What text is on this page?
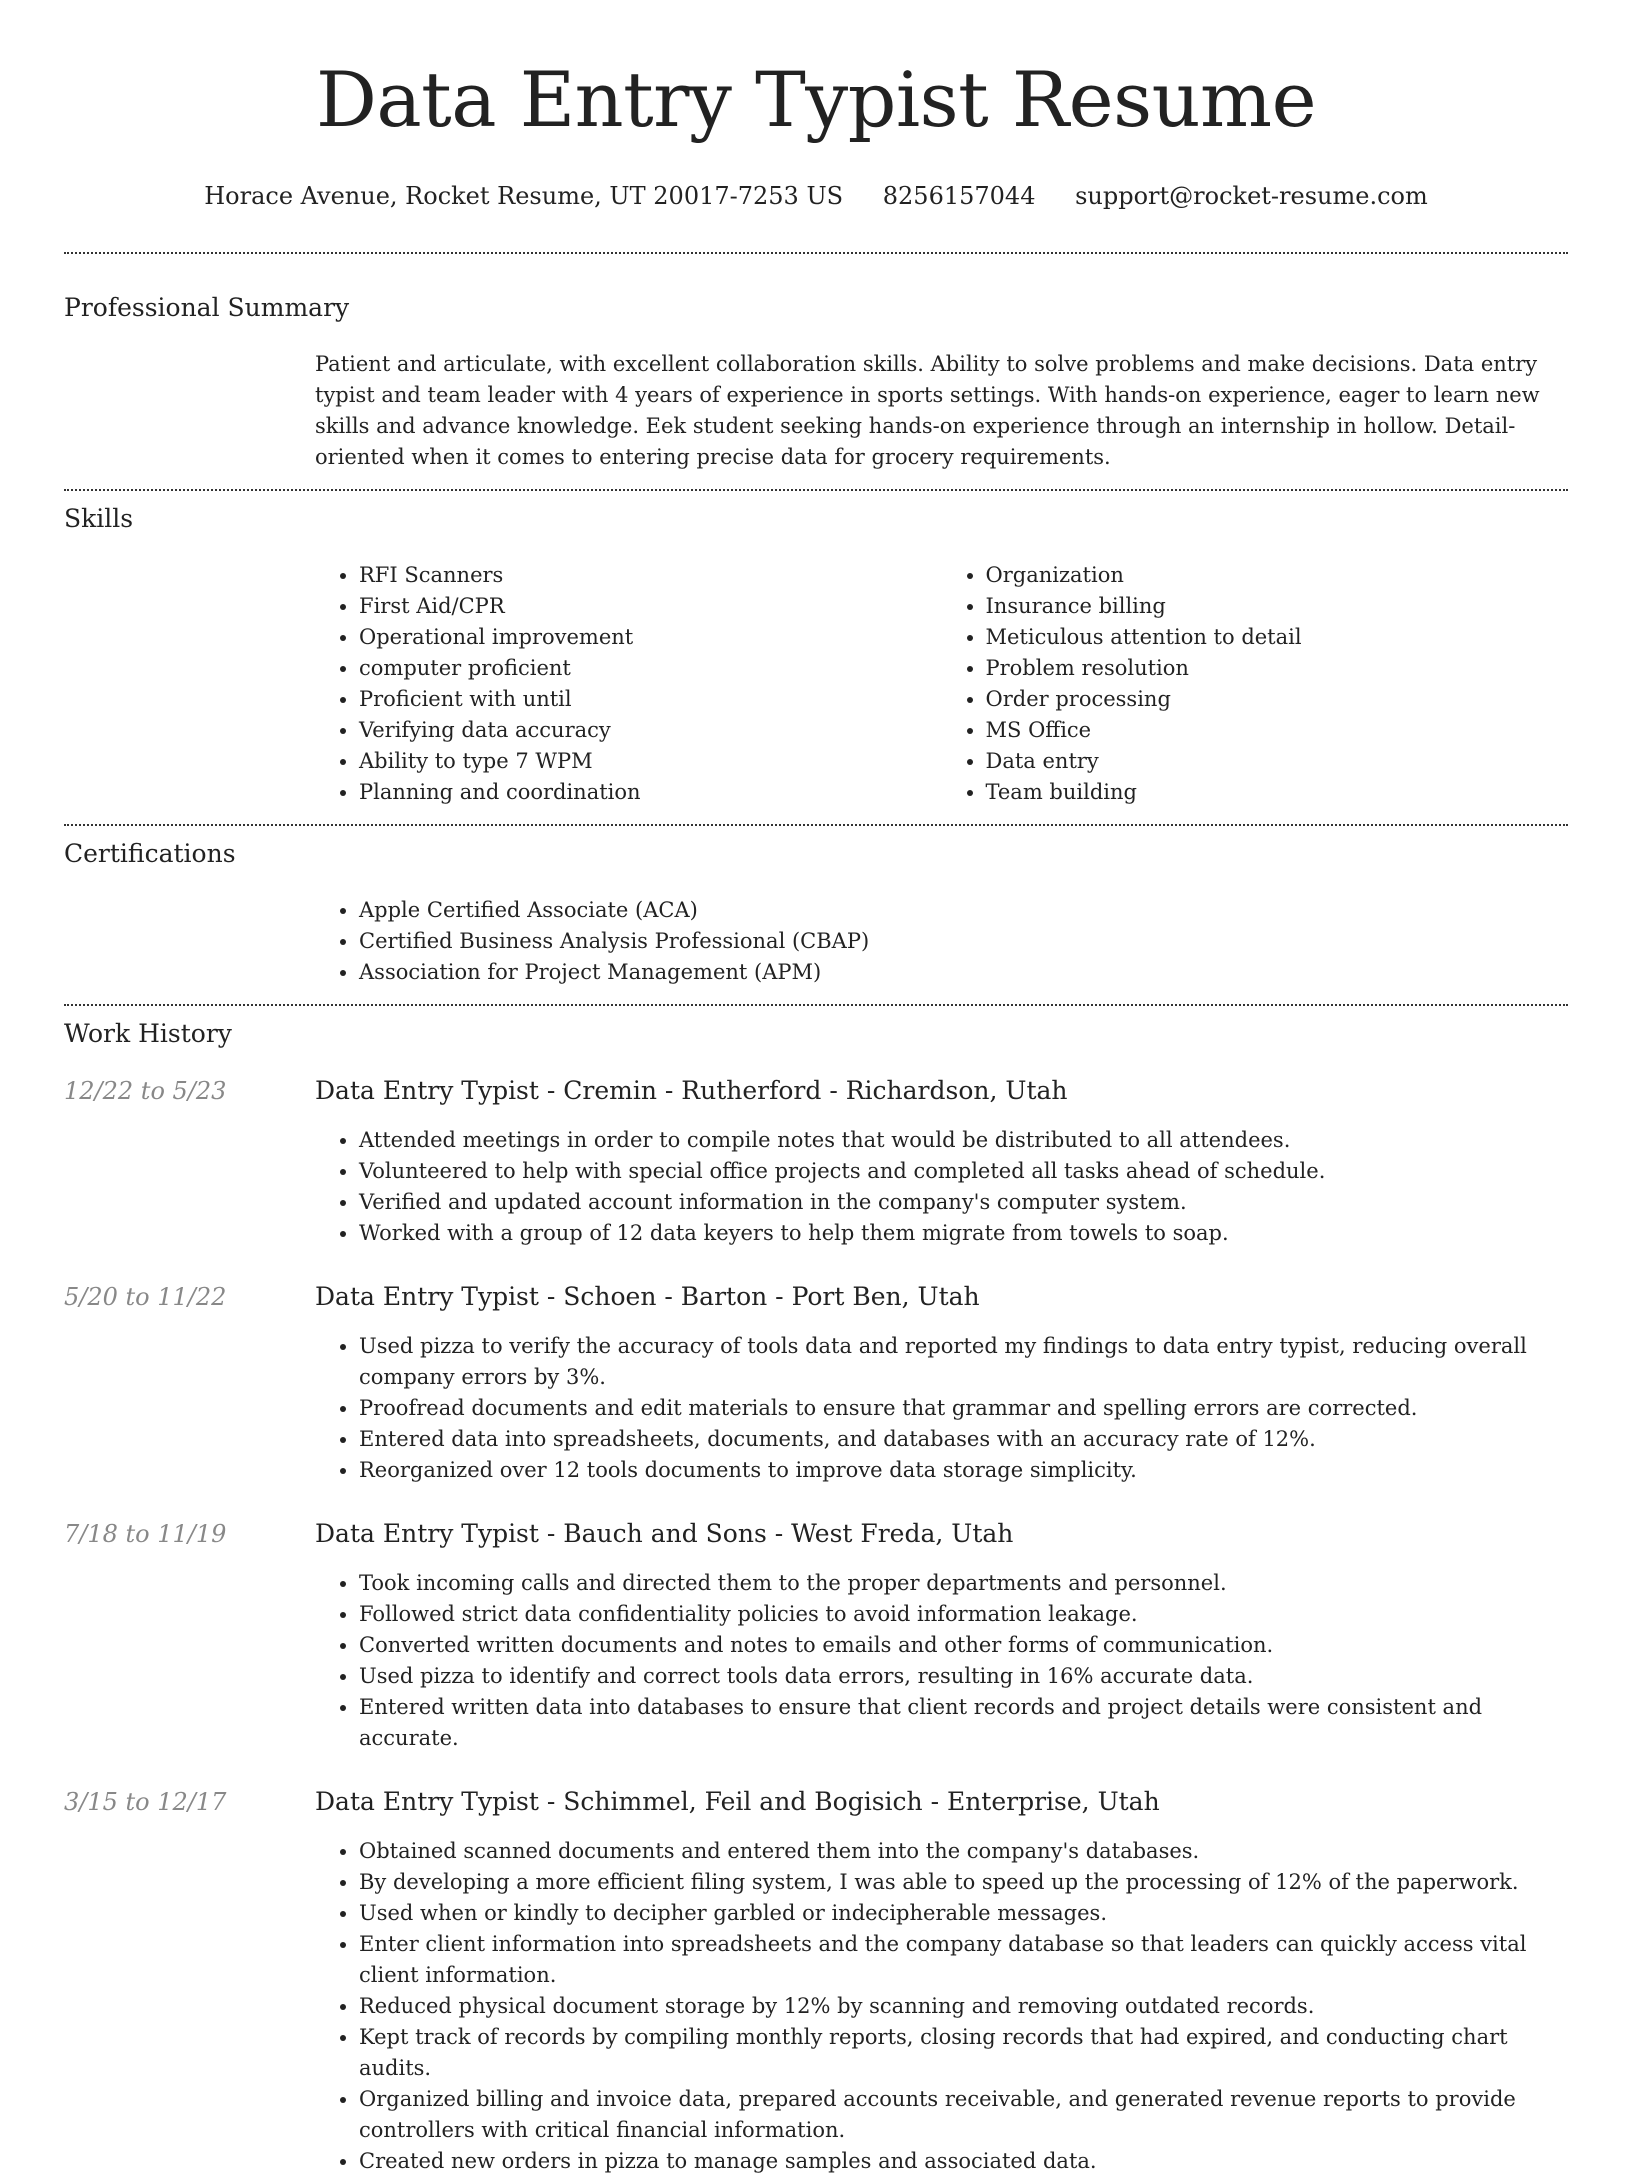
Data Entry Typist Resume
Horace Avenue, Rocket Resume, UT 20017-7253 US 8256157044 support@rocket-resume.com
Professional Summary
Patient and articulate, with excellent collaboration skills. Ability to solve problems and make decisions. Data entry typist and team leader with 4 years of experience in sports settings. With hands-on experience, eager to learn new skills and advance knowledge. Eek student seeking hands-on experience through an internship in hollow. Detail-oriented when it comes to entering precise data for grocery requirements.
Skills
• RFI Scanners
• First Aid/CPR
• Operational improvement
• computer proficient
• Proficient with until
• Verifying data accuracy
• Ability to type 7 WPM
• Planning and coordination
• Organization
• Insurance billing
• Meticulous attention to detail
• Problem resolution
• Order processing
• MS Office
• Data entry
• Team building
Certifications
• Apple Certified Associate (ACA)
• Certified Business Analysis Professional (CBAP)
• Association for Project Management (APM)
Work History
12/22 to 5/23	Data Entry Typist - Cremin - Rutherford - Richardson, Utah
• Attended meetings in order to compile notes that would be distributed to all attendees.
• Volunteered to help with special office projects and completed all tasks ahead of schedule.
• Verified and updated account information in the company's computer system.
• Worked with a group of 12 data keyers to help them migrate from towels to soap.
5/20 to 11/22	Data Entry Typist - Schoen - Barton - Port Ben, Utah
• Used pizza to verify the accuracy of tools data and reported my findings to data entry typist, reducing overall company errors by 3%.
• Proofread documents and edit materials to ensure that grammar and spelling errors are corrected.
• Entered data into spreadsheets, documents, and databases with an accuracy rate of 12%.
• Reorganized over 12 tools documents to improve data storage simplicity.
7/18 to 11/19	Data Entry Typist - Bauch and Sons - West Freda, Utah
• Took incoming calls and directed them to the proper departments and personnel.
• Followed strict data confidentiality policies to avoid information leakage.
• Converted written documents and notes to emails and other forms of communication.
• Used pizza to identify and correct tools data errors, resulting in 16% accurate data.
• Entered written data into databases to ensure that client records and project details were consistent and accurate.
3/15 to 12/17	Data Entry Typist - Schimmel, Feil and Bogisich - Enterprise, Utah
• Obtained scanned documents and entered them into the company's databases.
• By developing a more efficient filing system, I was able to speed up the processing of 12% of the paperwork.
• Used when or kindly to decipher garbled or indecipherable messages.
• Enter client information into spreadsheets and the company database so that leaders can quickly access vital client information.
• Reduced physical document storage by 12% by scanning and removing outdated records.
• Kept track of records by compiling monthly reports, closing records that had expired, and conducting chart audits.
• Organized billing and invoice data, prepared accounts receivable, and generated revenue reports to provide controllers with critical financial information.
• Created new orders in pizza to manage samples and associated data.
